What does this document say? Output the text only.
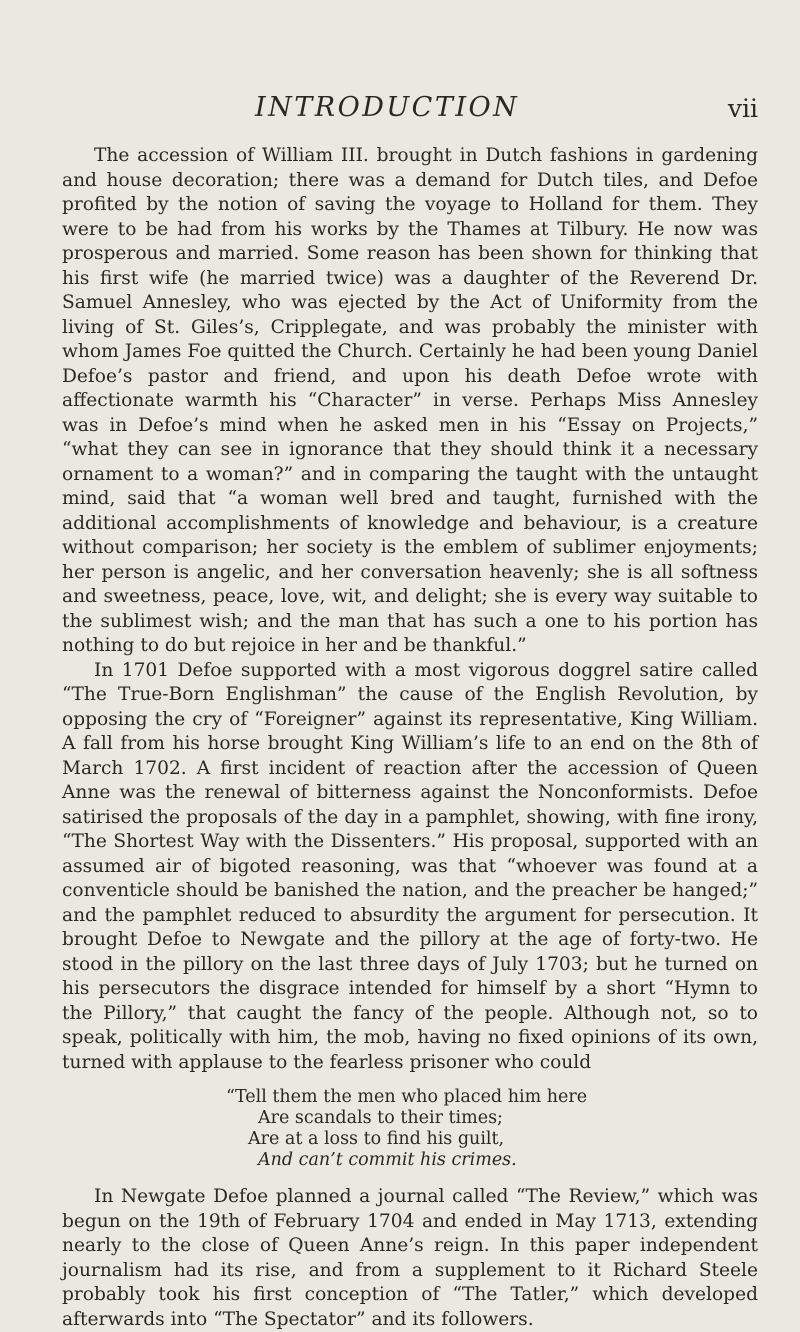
INTRODUCTION	vii

The accession of William III. brought in Dutch fashions in gardening and house decoration; there was a demand for Dutch tiles, and Defoe profited by the notion of saving the voyage to Holland for them. They were to be had from his works by the Thames at Tilbury. He now was prosperous and married. Some reason has been shown for thinking that his first wife (he married twice) was a daughter of the Reverend Dr. Samuel Annesley, who was ejected by the Act of Uniformity from the living of St. Giles’s, Cripplegate, and was probably the minister with whom James Foe quitted the Church. Certainly he had been young Daniel Defoe’s pastor and friend, and upon his death Defoe wrote with affectionate warmth his “Character” in verse. Perhaps Miss Annesley was in Defoe’s mind when he asked men in his “Essay on Projects,” “what they can see in ignorance that they should think it a necessary ornament to a woman?” and in comparing the taught with the untaught mind, said that “a woman well bred and taught, furnished with the additional accomplishments of knowledge and behaviour, is a creature without comparison; her society is the emblem of sublimer enjoyments; her person is angelic, and her conversation heavenly; she is all softness and sweetness, peace, love, wit, and delight; she is every way suitable to the sublimest wish; and the man that has such a one to his portion has nothing to do but rejoice in her and be thankful.”

In 1701 Defoe supported with a most vigorous doggrel satire called “The True-Born Englishman” the cause of the English Revolution, by opposing the cry of “Foreigner” against its representative, King William. A fall from his horse brought King William’s life to an end on the 8th of March 1702. A first incident of reaction after the accession of Queen Anne was the renewal of bitterness against the Nonconformists. Defoe satirised the proposals of the day in a pamphlet, showing, with fine irony, “The Shortest Way with the Dissenters.” His proposal, supported with an assumed air of bigoted reasoning, was that “whoever was found at a conventicle should be banished the nation, and the preacher be hanged;” and the pamphlet reduced to absurdity the argument for persecution. It brought Defoe to Newgate and the pillory at the age of forty-two. He stood in the pillory on the last three days of July 1703; but he turned on his persecutors the disgrace intended for himself by a short “Hymn to the Pillory,” that caught the fancy of the people. Although not, so to speak, politically with him, the mob, having no fixed opinions of its own, turned with applause to the fearless prisoner who could

“Tell them the men who placed him here
Are scandals to their times;
Are at a loss to find his guilt,
And can’t commit his crimes.

In Newgate Defoe planned a journal called “The Review,” which was begun on the 19th of February 1704 and ended in May 1713, extending nearly to the close of Queen Anne’s reign. In this paper independent journalism had its rise, and from a supplement to it Richard Steele probably took his first conception of “The Tatler,” which developed afterwards into “The Spectator” and its followers.
